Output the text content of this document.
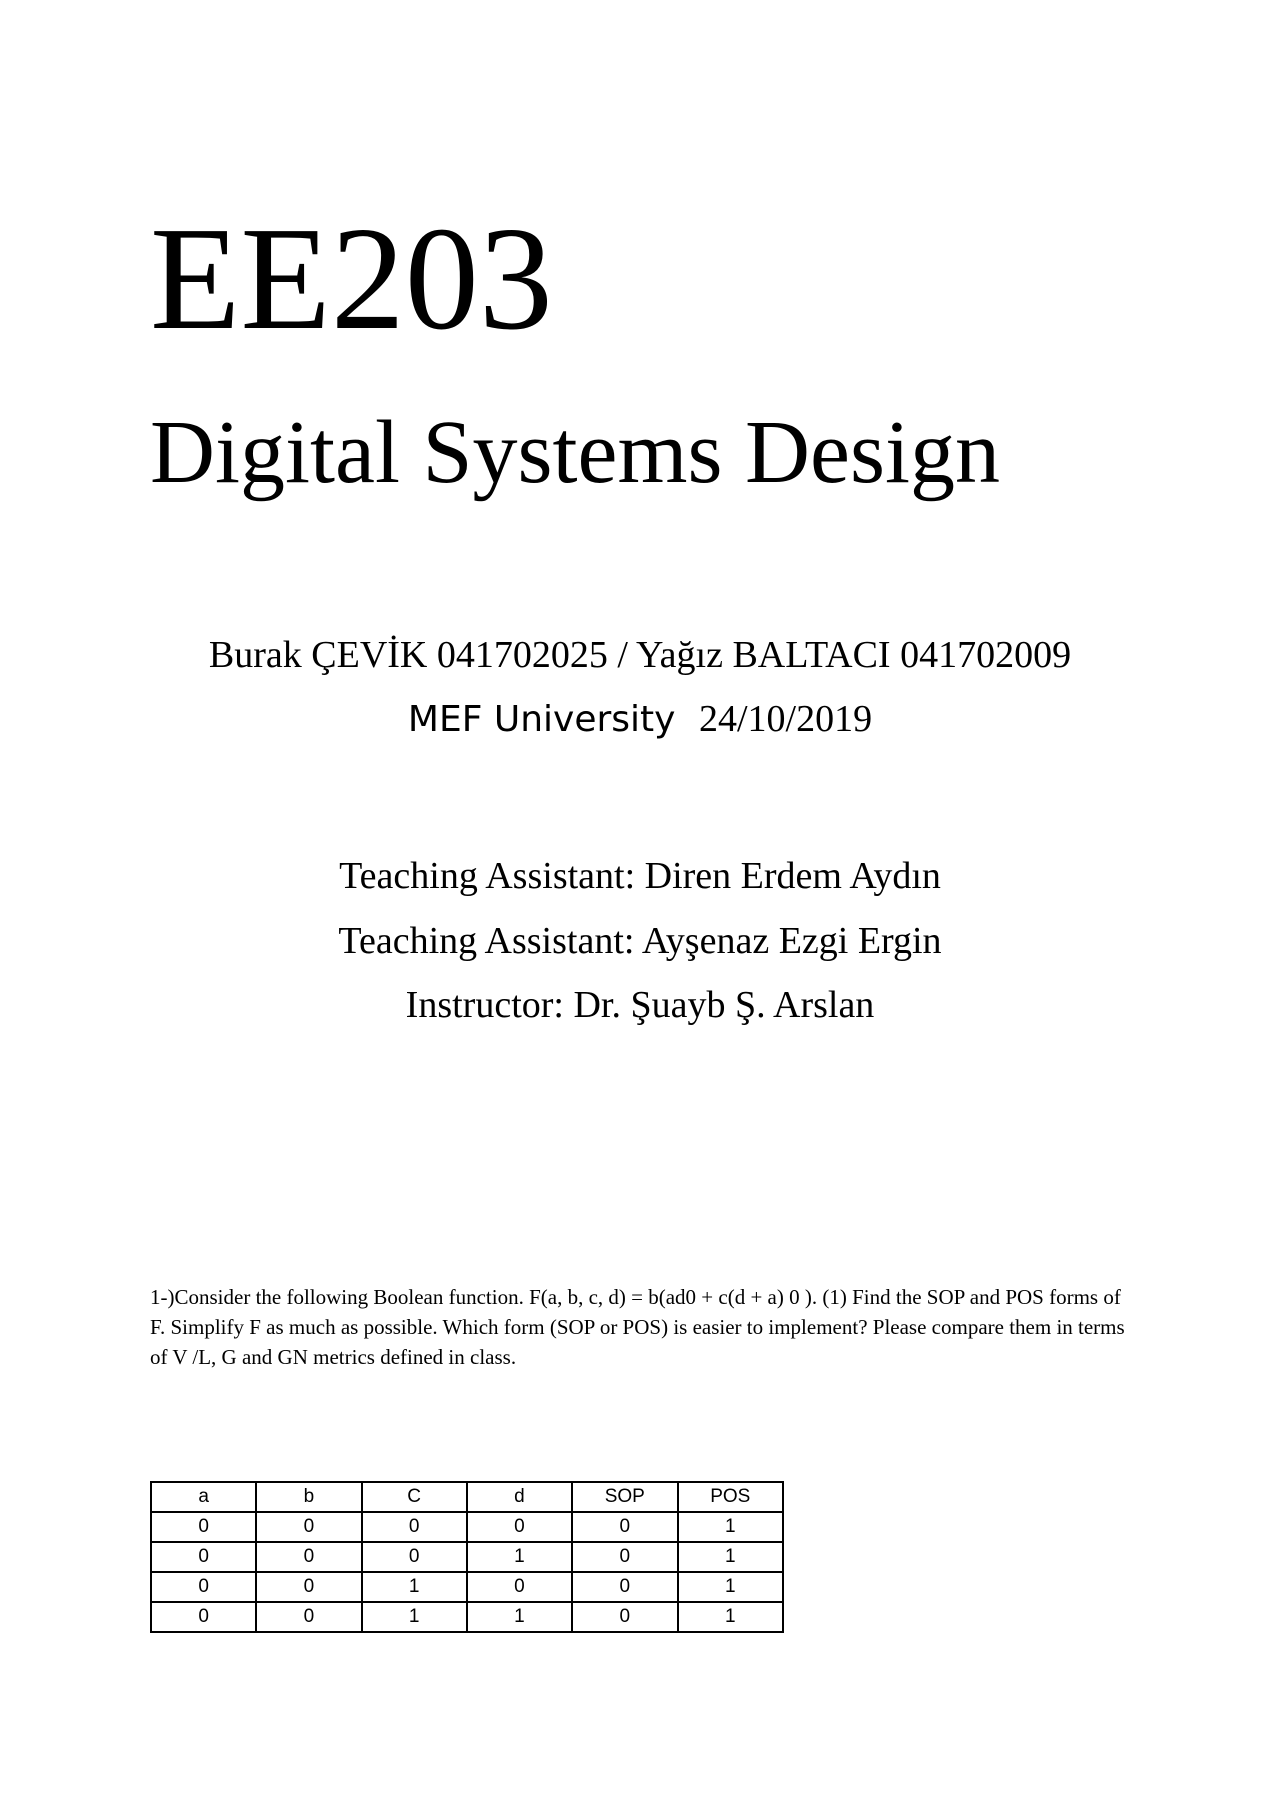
EE203
Digital Systems Design
Burak ÇEVİK 041702025 / Yağız BALTACI 041702009
MEF University 24/10/2019
Teaching Assistant: Diren Erdem Aydın
Teaching Assistant: Ayşenaz Ezgi Ergin
Instructor: Dr. Şuayb Ş. Arslan

1-)Consider the following Boolean function. F(a, b, c, d) = b(ad0 + c(d + a) 0 ). (1) Find the SOP and POS forms of F. Simplify F as much as possible. Which form (SOP or POS) is easier to implement? Please compare them in terms of V /L, G and GN metrics defined in class.

a	b	C	d	SOP	POS
0	0	0	0	0	1
0	0	0	1	0	1
0	0	1	0	0	1
0	0	1	1	0	1
